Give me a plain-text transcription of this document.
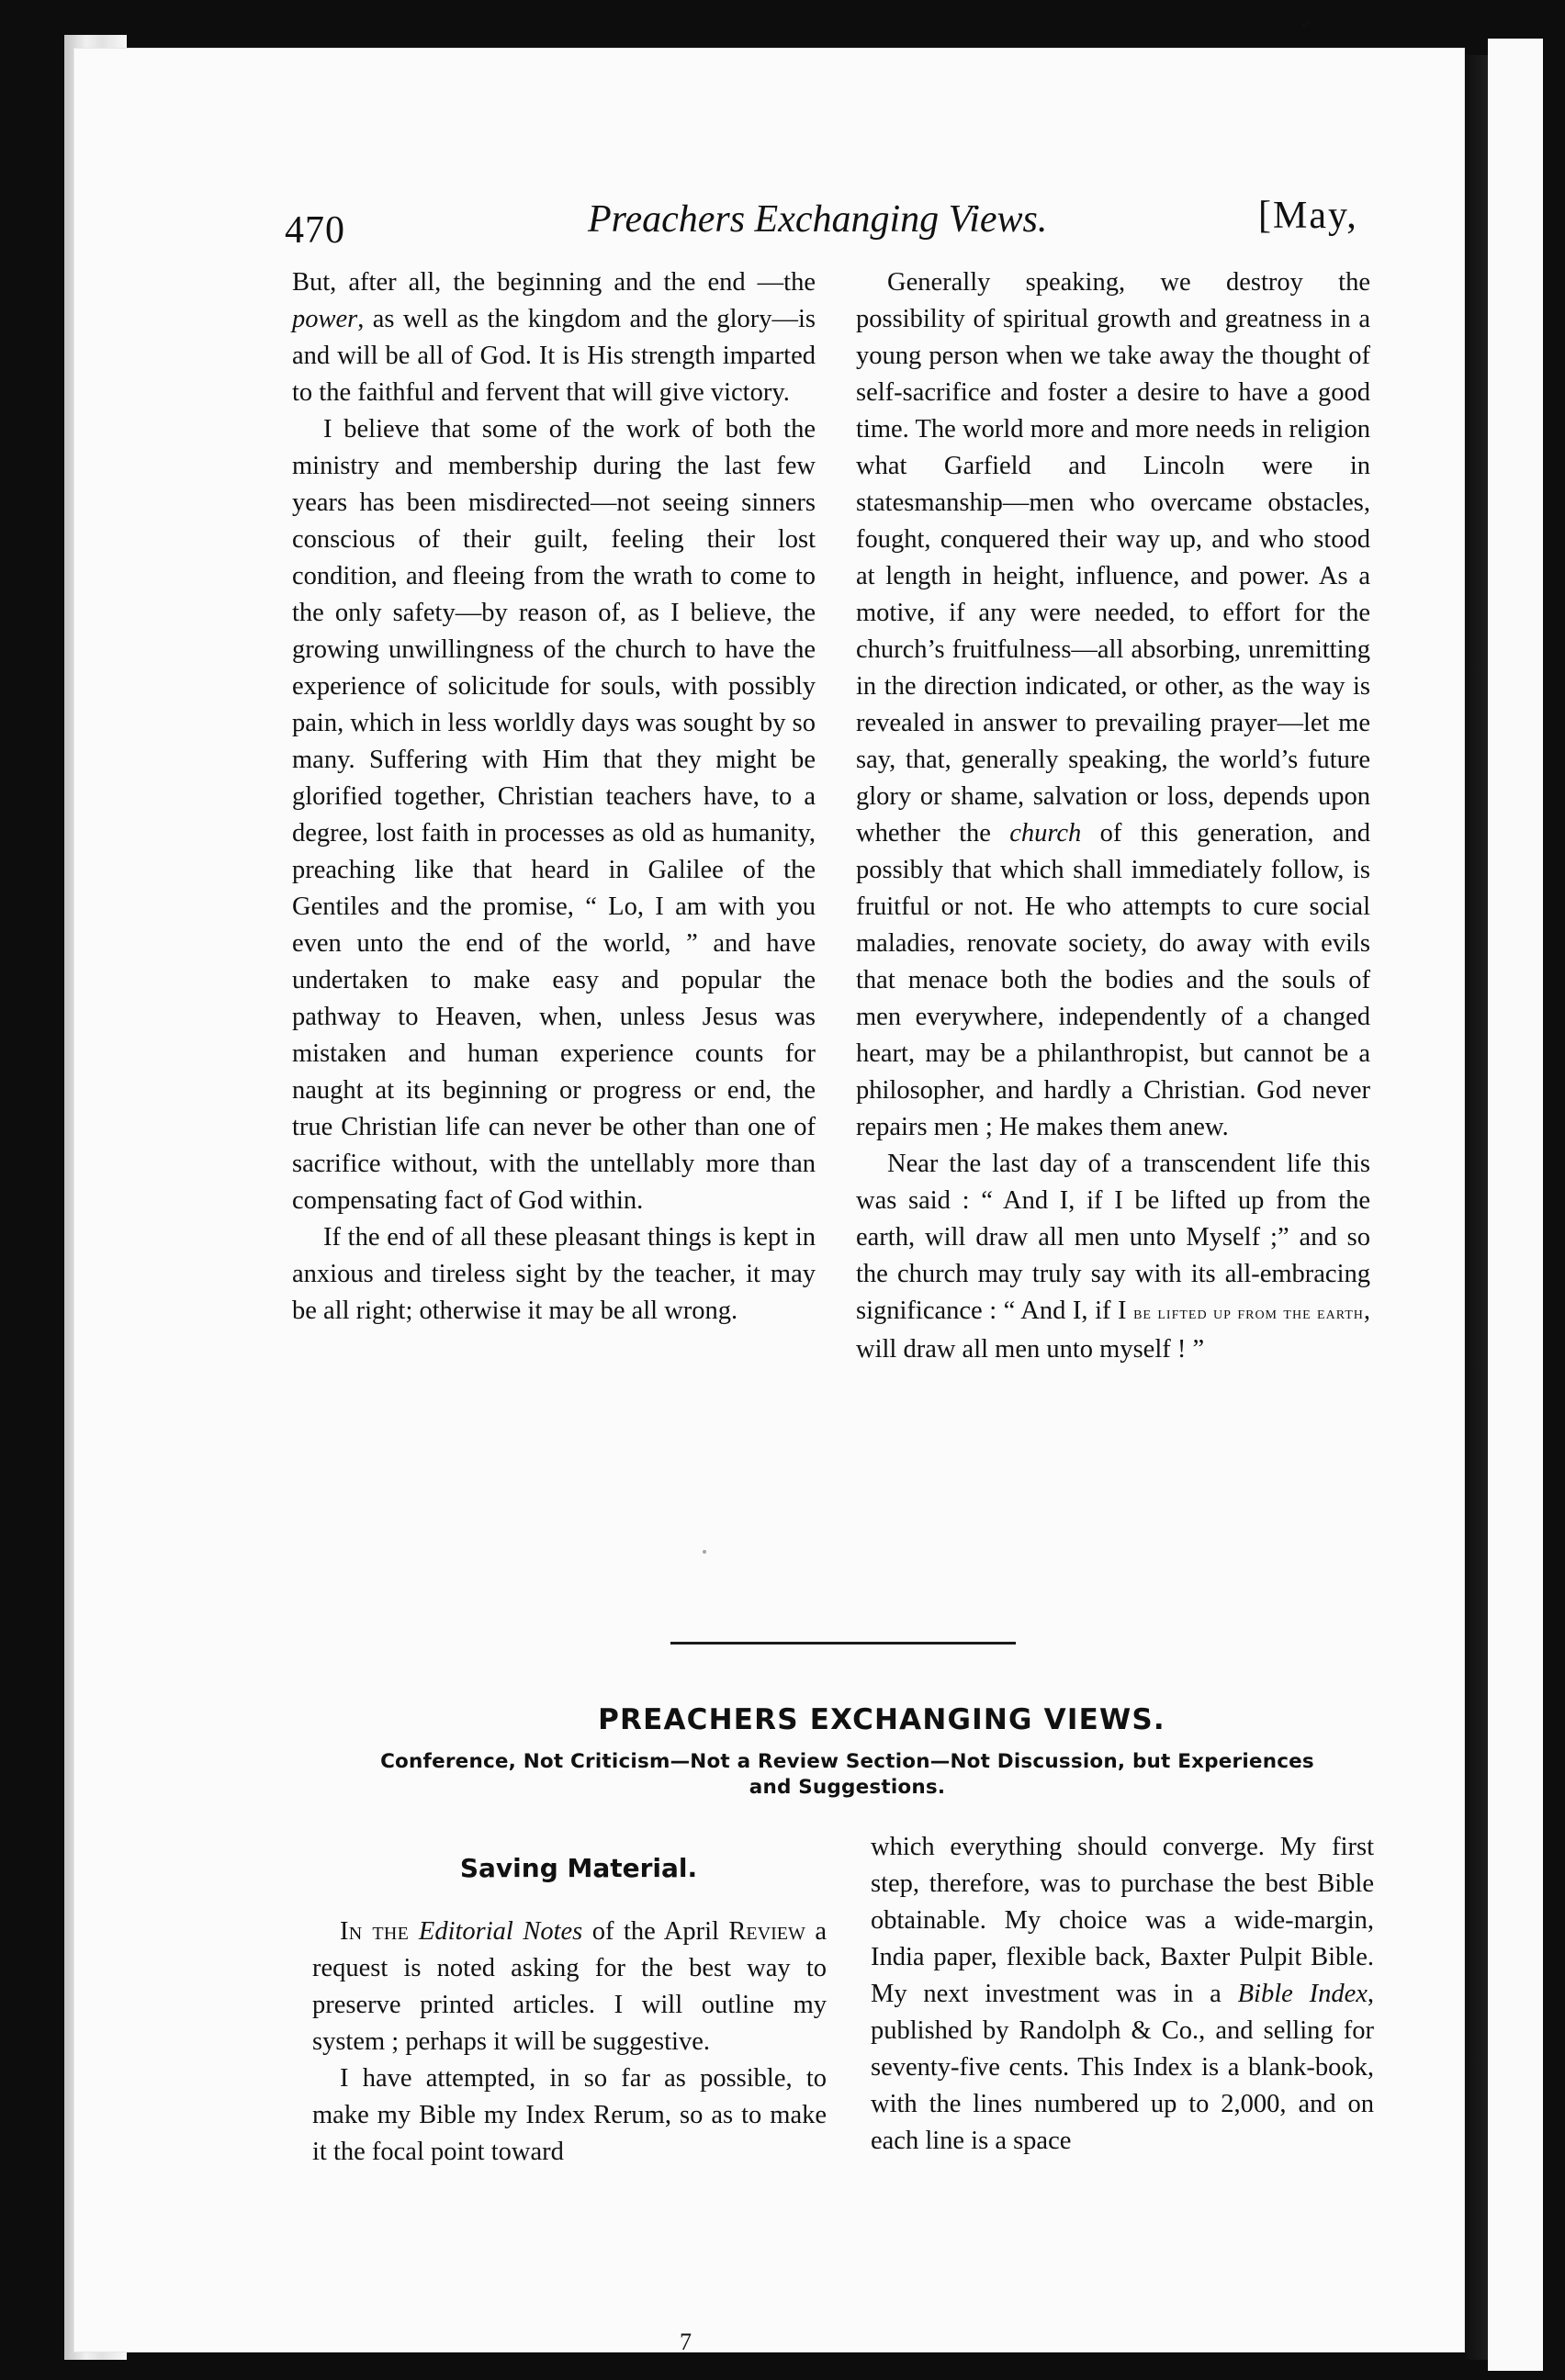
✓
470	Preachers Exchanging Views.	[May,

But, after all, the beginning and the end —the power, as well as the kingdom and the glory—is and will be all of God. It is His strength imparted to the faithful and fervent that will give victory.

I believe that some of the work of both the ministry and membership during the last few years has been misdirected—not seeing sinners conscious of their guilt, feeling their lost condition, and fleeing from the wrath to come to the only safety—by reason of, as I believe, the growing unwillingness of the church to have the experience of solicitude for souls, with possibly pain, which in less worldly days was sought by so many. Suffering with Him that they might be glorified together, Christian teachers have, to a degree, lost faith in processes as old as humanity, preaching like that heard in Galilee of the Gentiles and the promise, “ Lo, I am with you even unto the end of the world, ” and have undertaken to make easy and popular the pathway to Heaven, when, unless Jesus was mistaken and human experience counts for naught at its beginning or progress or end, the true Christian life can never be other than one of sacrifice without, with the untellably more than compensating fact of God within.

If the end of all these pleasant things is kept in anxious and tireless sight by the teacher, it may be all right; otherwise it may be all wrong.

Generally speaking, we destroy the possibility of spiritual growth and greatness in a young person when we take away the thought of self-sacrifice and foster a desire to have a good time. The world more and more needs in religion what Garfield and Lincoln were in statesmanship—men who overcame obstacles, fought, conquered their way up, and who stood at length in height, influence, and power. As a motive, if any were needed, to effort for the church’s fruitfulness—all absorbing, unremitting in the direction indicated, or other, as the way is revealed in answer to prevailing prayer—let me say, that, generally speaking, the world’s future glory or shame, salvation or loss, depends upon whether the church of this generation, and possibly that which shall immediately follow, is fruitful or not. He who attempts to cure social maladies, renovate society, do away with evils that menace both the bodies and the souls of men everywhere, independently of a changed heart, may be a philanthropist, but cannot be a philosopher, and hardly a Christian. God never repairs men ; He makes them anew.

Near the last day of a transcendent life this was said : “ And I, if I be lifted up from the earth, will draw all men unto Myself ;” and so the church may truly say with its all-embracing significance : “ And I, if I be lifted up from the earth, will draw all men unto myself ! ”

PREACHERS EXCHANGING VIEWS.
Conference, Not Criticism—Not a Review Section—Not Discussion, but Experiences
and Suggestions.
Saving Material.

In the Editorial Notes of the April Review a request is noted asking for the best way to preserve printed articles. I will outline my system ; perhaps it will be suggestive.

I have attempted, in so far as possible, to make my Bible my Index Rerum, so as to make it the focal point toward

which everything should converge. My first step, therefore, was to purchase the best Bible obtainable. My choice was a wide-margin, India paper, flexible back, Baxter Pulpit Bible. My next investment was in a Bible Index, published by Randolph & Co., and selling for seventy-five cents. This Index is a blank-book, with the lines numbered up to 2,000, and on each line is a space

7
